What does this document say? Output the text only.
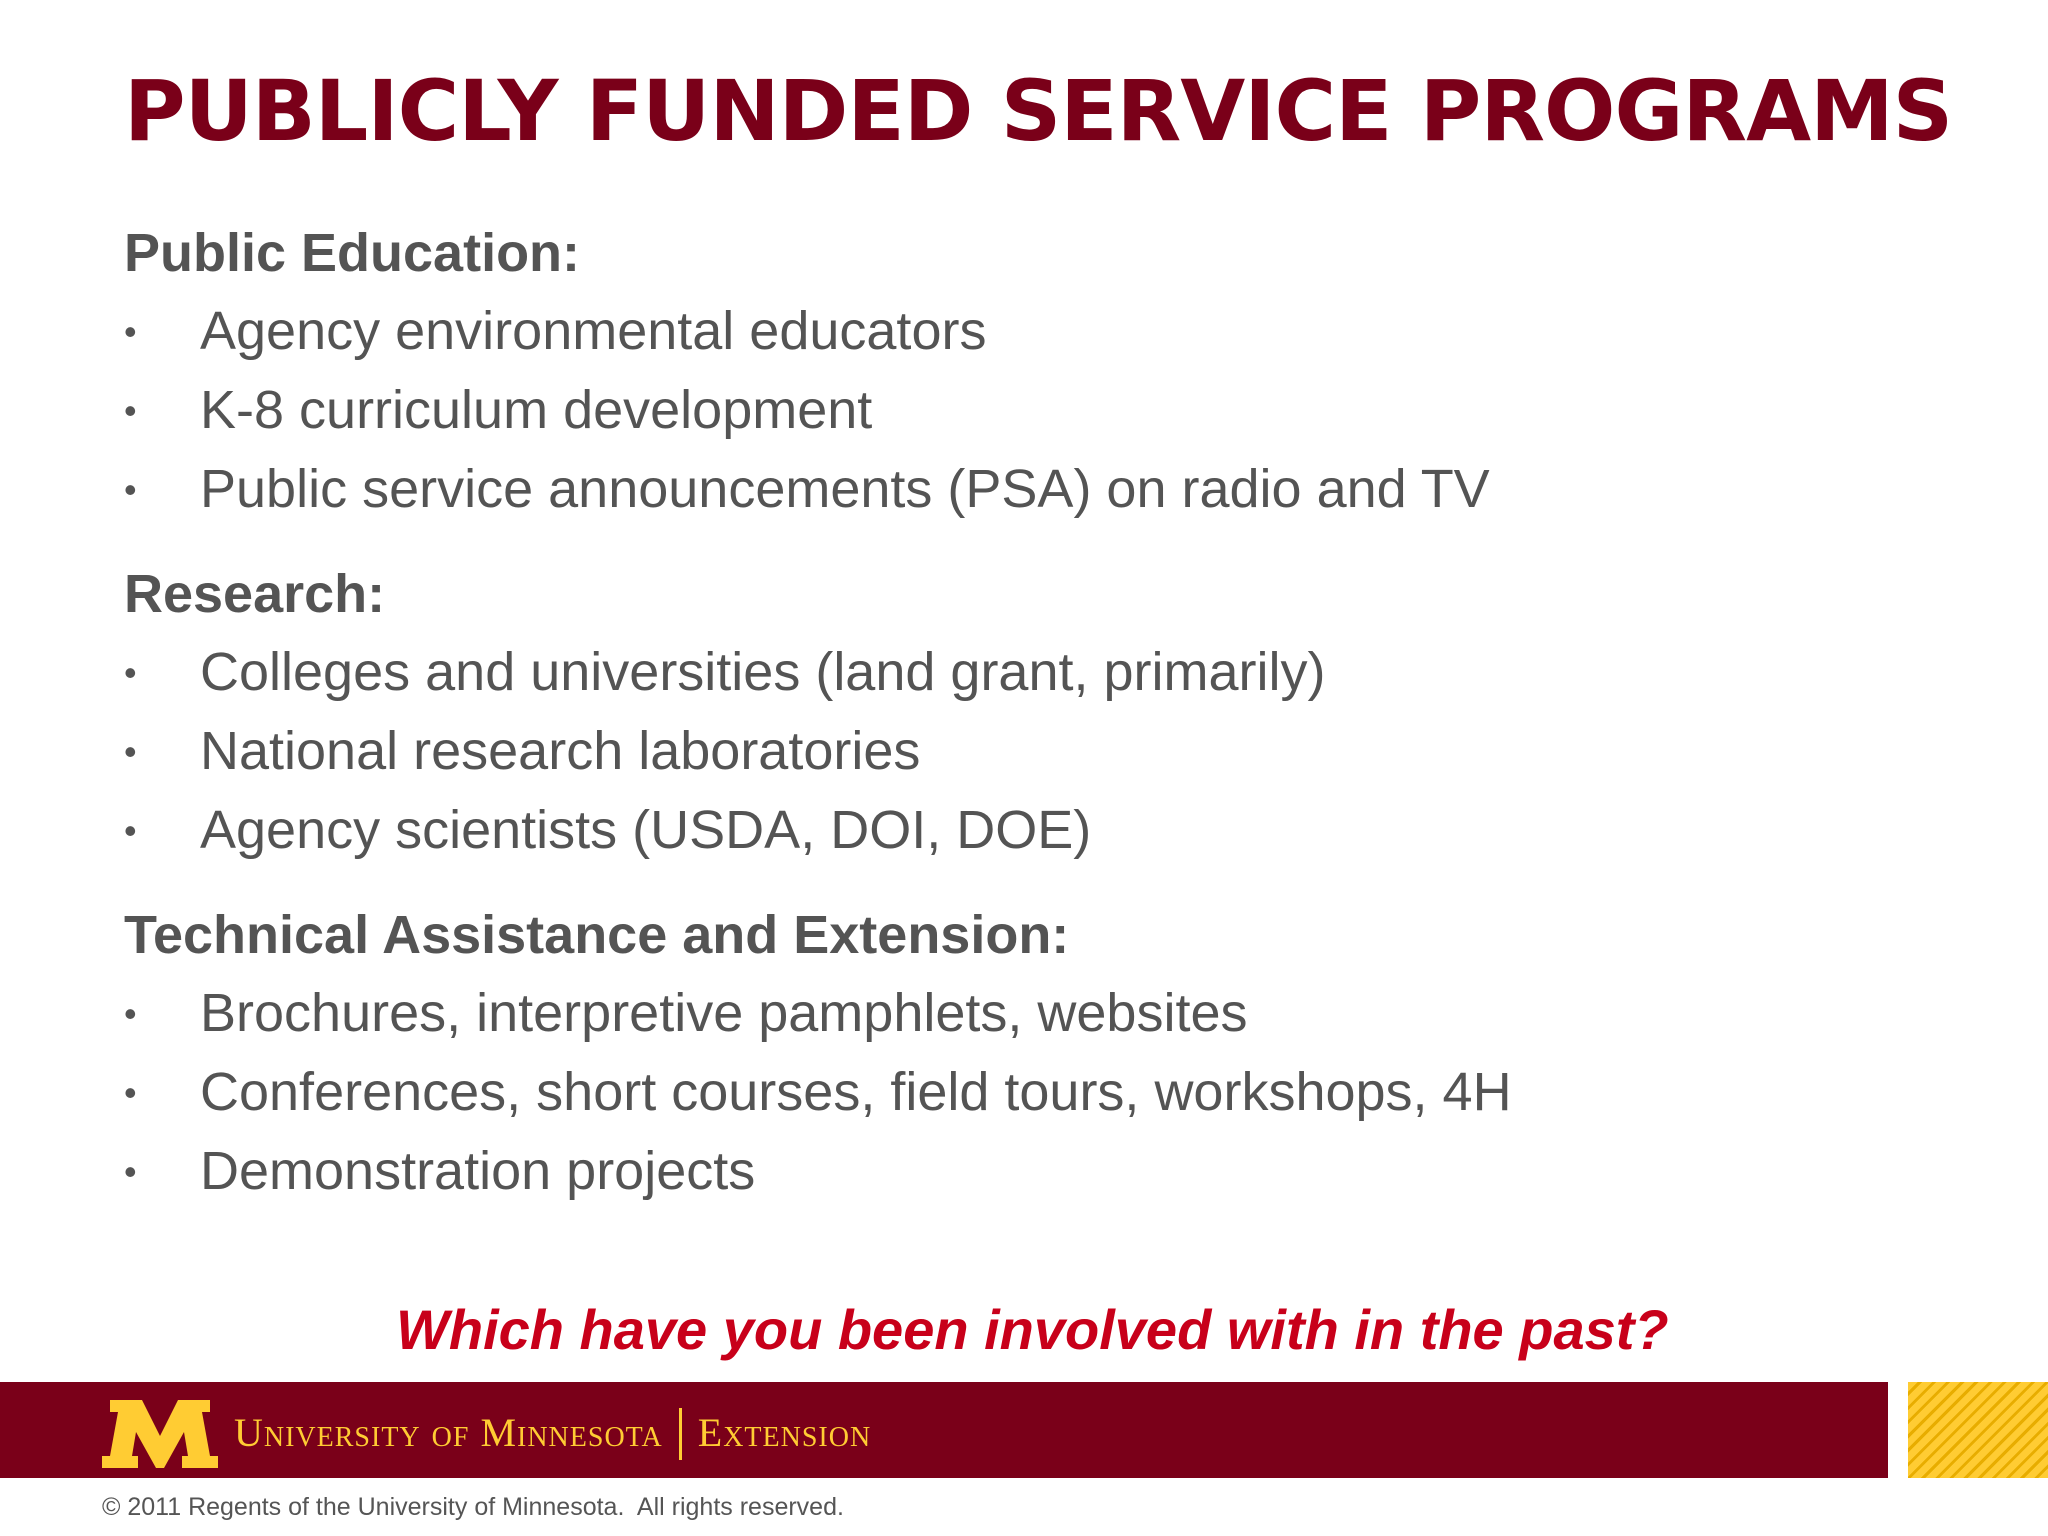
PUBLICLY FUNDED SERVICE PROGRAMS
Public Education:
• Agency environmental educators
• K-8 curriculum development
• Public service announcements (PSA) on radio and TV
Research:
• Colleges and universities (land grant, primarily)
• National research laboratories
• Agency scientists (USDA, DOI, DOE)
Technical Assistance and Extension:
• Brochures, interpretive pamphlets, websites
• Conferences, short courses, field tours, workshops, 4H
• Demonstration projects

Which have you been involved with in the past?

University of Minnesota Extension

© 2011 Regents of the University of Minnesota.  All rights reserved.
